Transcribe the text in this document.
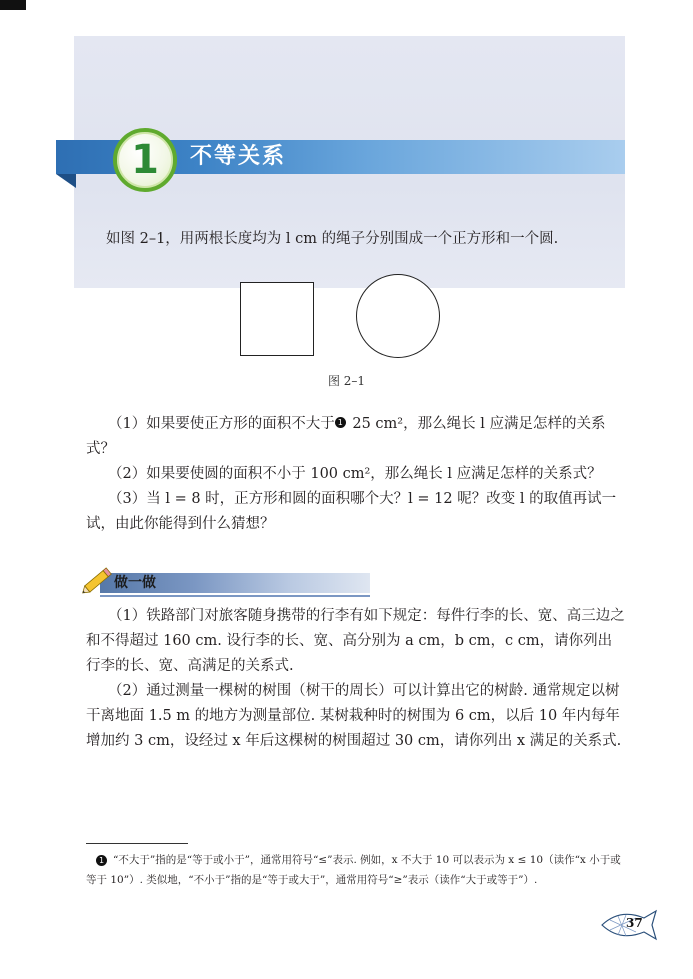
1 不等关系
如图 2–1，用两根长度均为 l cm 的绳子分别围成一个正方形和一个圆.
图 2–1
（1）如果要使正方形的面积不大于 1 25 cm²，那么绳长 l 应满足怎样的关系式？
（2）如果要使圆的面积不小于 100 cm²，那么绳长 l 应满足怎样的关系式？
（3）当 l = 8 时，正方形和圆的面积哪个大？l = 12 呢？改变 l 的取值再试一试，由此你能得到什么猜想？
做一做
（1）铁路部门对旅客随身携带的行李有如下规定：每件行李的长、宽、高三边之和不得超过 160 cm. 设行李的长、宽、高分别为 a cm，b cm，c cm，请你列出行李的长、宽、高满足的关系式.
（2）通过测量一棵树的树围（树干的周长）可以计算出它的树龄. 通常规定以树干离地面 1.5 m 的地方为测量部位. 某树栽种时的树围为 6 cm，以后 10 年内每年增加约 3 cm，设经过 x 年后这棵树的树围超过 30 cm，请你列出 x 满足的关系式.
1 “不大于”指的是“等于或小于”，通常用符号“≤”表示. 例如，x 不大于 10 可以表示为 x ≤ 10（读作“x 小于或等于 10”）. 类似地，“不小于”指的是“等于或大于”，通常用符号“≥”表示（读作“大于或等于”）.
37
